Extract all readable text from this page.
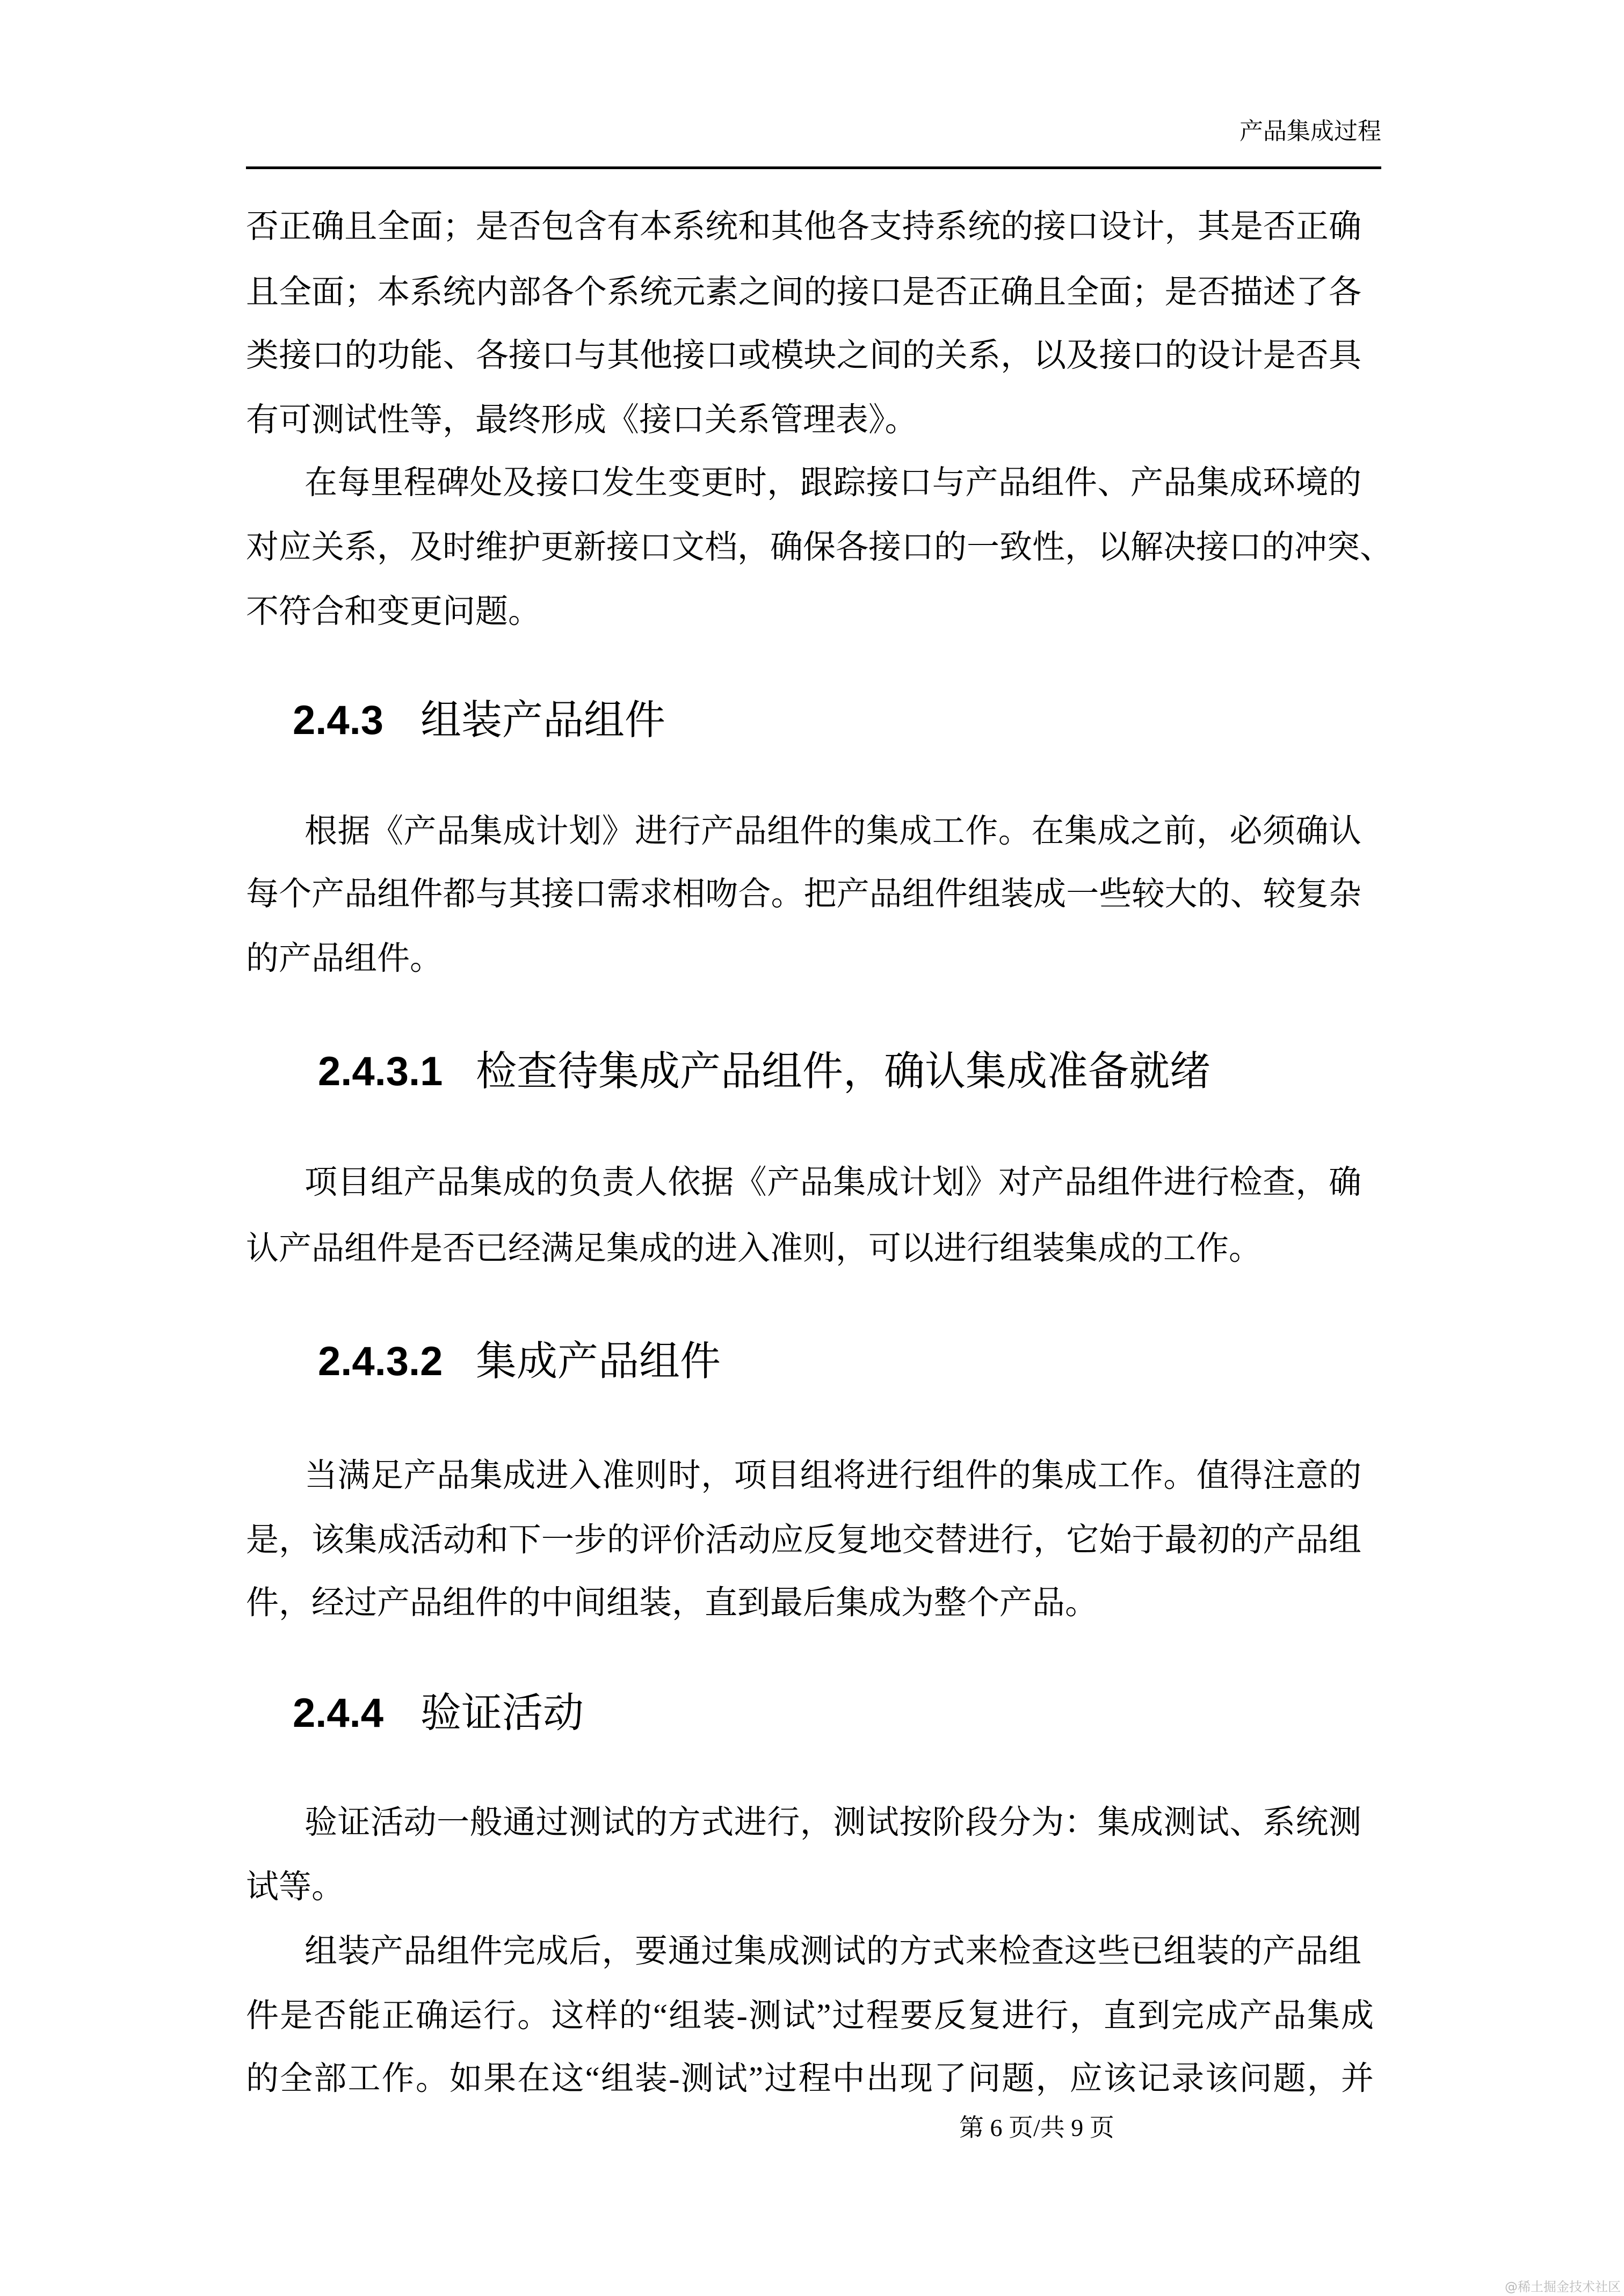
产品集成过程
否正确且全面；是否包含有本系统和其他各支持系统的接口设计，其是否正确
且全面；本系统内部各个系统元素之间的接口是否正确且全面；是否描述了各
类接口的功能、各接口与其他接口或模块之间的关系，以及接口的设计是否具
有可测试性等，最终形成《接口关系管理表》。
在每里程碑处及接口发生变更时，跟踪接口与产品组件、产品集成环境的
对应关系，及时维护更新接口文档，确保各接口的一致性，以解决接口的冲突、
不符合和变更问题。
2.4.3 组装产品组件
根据《产品集成计划》进行产品组件的集成工作。在集成之前，必须确认
每个产品组件都与其接口需求相吻合。把产品组件组装成一些较大的、较复杂
的产品组件。
2.4.3.1 检查待集成产品组件，确认集成准备就绪
项目组产品集成的负责人依据《产品集成计划》对产品组件进行检查，确
认产品组件是否已经满足集成的进入准则，可以进行组装集成的工作。
2.4.3.2 集成产品组件
当满足产品集成进入准则时，项目组将进行组件的集成工作。值得注意的
是，该集成活动和下一步的评价活动应反复地交替进行，它始于最初的产品组
件，经过产品组件的中间组装，直到最后集成为整个产品。
2.4.4 验证活动
验证活动一般通过测试的方式进行，测试按阶段分为：集成测试、系统测
试等。
组装产品组件完成后，要通过集成测试的方式来检查这些已组装的产品组
件是否能正确运行。这样的“组装-测试”过程要反复进行，直到完成产品集成
的全部工作。如果在这“组装-测试”过程中出现了问题，应该记录该问题，并
第 6 页/共 9 页
@稀土掘金技术社区
